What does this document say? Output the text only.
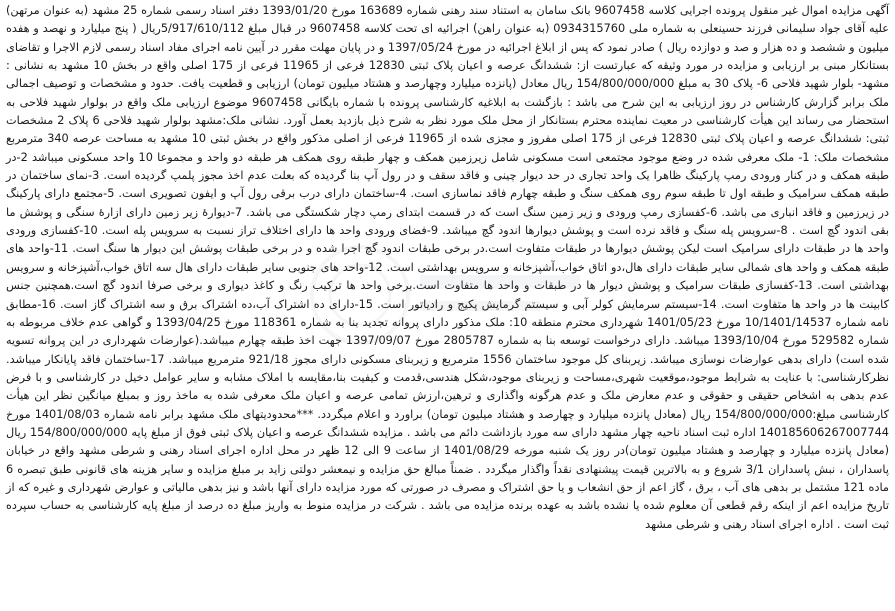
آگهی مزایده اموال غیر منقول پرونده اجرایی کلاسه 9607458 بانک سامان به استناد سند رهنی شماره 163689 مورخ 1393/01/20 دفتر اسناد رسمی شماره 25 مشهد (به عنوان مرتهن) علیه آقای جواد سلیمانی فرزند حسینعلی به شماره ملی 0934315760 (به عنوان راهن) اجرائیه ای تحت کلاسه 9607458 در قبال مبلغ 5/917/610/112ریال ( پنج میلیارد و نهصد و هفده میلیون و ششصد و ده هزار و صد و دوازده ریال ) صادر نمود که پس از ابلاغ اجرائیه در مورخ 1397/05/24 و در پایان مهلت مقرر در آیین نامه اجرای مفاد اسناد رسمی لازم الاجرا و تقاضای بستانکار مبنی بر ارزیابی و مزایده در مورد وثیقه که عبارتست از: ششدانگ عرصه و اعیان پلاک ثبتی 12830 فرعی از 11965 فرعی از 175 اصلی واقع در بخش 10 مشهد به نشانی : مشهد- بلوار شهید فلاحی 6- پلاک 30 به مبلغ 154/800/000/000 ریال معادل (پانزده میلیارد وچهارصد و هشتاد میلیون تومان) ارزیابی و قطعیت یافت. حدود و مشخصات و توصیف اجمالی ملک برابر گزارش کارشناس در روز ارزیابی به این شرح می باشد : بازگشت به ابلاغیه کارشناسی پرونده با شماره بایگانی 9607458 موضوع ارزیابی ملک واقع در بولوار شهید فلاحی به استحضار می رساند این هیأت کارشناسی در معیت نماینده محترم بستانکار از محل ملک مورد نظر به شرح ذیل بازدید بعمل آورد. نشانی ملک:مشهد بولوار شهید فلاحی 6 پلاک 2 مشخصات ثبتی: ششدانگ عرصه و اعیان پلاک ثبتی 12830 فرعی از 175 اصلی مفروز و مجزی شده از 11965 فرعی از اصلی مذکور واقع در بخش ثبتی 10 مشهد به مساحت عرصه 340 مترمربع مشخصات ملک: 1- ملک معرفی شده در وضع موجود مجتمعی است مسکونی شامل زیرزمین همکف و چهار طبقه روی همکف هر طبقه دو واحد و مجموعا 10 واحد مسکونی میباشد 2-در طبقه همکف و در کنار ورودی رمپ پارکینگ ظاهرا یک واحد تجاری در حد دیوار چینی و فاقد سقف و در رول آپ بنا گردیده که بعلت عدم اخذ مجوز پلمپ گردیده است. 3-نمای ساختمان در طبقه همکف سرامیک و طبقه اول تا طبقه سوم روی همکف سنگ و طبقه چهارم فاقد نماسازی است. 4-ساختمان دارای درب برقی رول آپ و ایفون تصویری است. 5-مجتمع دارای پارکینگ در زیرزمین و فاقد انباری می باشد. 6-کفسازی رمپ ورودی و زیر زمین سنگ است که در قسمت ابتدای رمپ دچار شکستگی می باشد. 7-دیوارۀ زیر زمین دارای ازارۀ سنگی و پوشش ما بقی اندود گچ است . 8-سرویس پله سنگ و فاقد نرده است و پوشش دیوارها اندود گچ میباشد. 9-فضای ورودی واحد ها دارای اختلاف تراز نسبت به سرویس پله است. 10-کفسازی ورودی واحد ها در طبقات دارای سرامیک است لیکن پوشش دیوارها در طبقات متفاوت است.در برخی طبقات اندود گچ اجرا شده و در برخی طبقات پوشش این دیوار ها سنگ است. 11-واحد های طبقه همکف و واحد های شمالی سایر طبقات دارای هال،دو اتاق خواب،آشپزخانه و سرویس بهداشتی است. 12-واحد های جنوبی سایر طبقات دارای هال سه اتاق خواب،آشپزخانه و سرویس بهداشتی است. 13-کفسازی طبقات سرامیک و پوشش دیوار ها در طبقات و واحد ها متفاوت است.برخی واحد ها ترکیب رنگ و کاغذ دیواری و برخی صرفا اندود گچ است.همچنین جنس کابینت ها در واحد ها متفاوت است. 14-سیستم سرمایش کولر آبی و سیستم گرمایش پکیج و رادیاتور است. 15-دارای ده اشتراک آب،ده اشتراک برق و سه اشتراک گاز است. 16-مطابق نامه شماره 10/1401/14537 مورخ 1401/05/23 شهرداری محترم منطقه 10: ملک مذکور دارای پروانه تجدید بنا به شماره 118361 مورخ 1393/04/25 و گواهی عدم خلاف مربوطه به شماره 529582 مورخ 1393/10/04 میباشد. دارای درخواست توسعه بنا به شماره 2805787 مورخ 1397/09/07 جهت اخذ طبقه چهارم میباشد.(عوارضات شهرداری در این پروانه تسویه شده است) دارای بدهی عوارضات نوسازی میباشد. زیربنای کل موجود ساختمان 1556 مترمربع و زیربنای مسکونی دارای مجوز 921/18 مترمربع میباشد. 17-ساختمان فاقد پایانکار میباشد. نظرکارشناسی: با عنایت به شرایط موجود،موقعیت شهری،مساحت و زیربنای موجود،شکل هندسی،قدمت و کیفیت بنا،مقایسه با املاک مشابه و سایر عوامل دخیل در کارشناسی و با فرض عدم بدهی به اشخاص حقیقی و حقوقی و عدم معارض ملک و عدم هرگونه واگذاری و ترهین،ارزش تمامی عرصه و اعیان ملک معرفی شده به ماخذ روز و بمبلغ میانگین نظر این هیأت کارشناسی مبلغ:154/800/000/000 ریال (معادل پانزده میلیارد و چهارصد و هشتاد میلیون تومان) براورد و اعلام میگردد. ***محدودیتهای ملک مشهد برابر نامه شماره 1401/08/03 مورخ 140185606267007744 اداره ثبت اسناد ناحیه چهار مشهد دارای سه مورد بازداشت دائم می باشد . مزایده ششدانگ عرصه و اعیان پلاک ثبتی فوق از مبلغ پایه 154/800/000/000 ریال (معادل پانزده میلیارد و چهارصد و هشتاد میلیون تومان)در روز یک شنبه مورخه 1401/08/29 از ساعت 9 الی 12 ظهر در محل اداره اجرای اسناد رهنی و شرطی مشهد واقع در خیابان پاسداران ، نبش پاسداران 3/1 شروع و به بالاترین قیمت پیشنهادی نقداً واگذار میگردد . ضمناً مبالغ حق مزایده و نیمعشر دولتی زاید بر مبلغ مزایده و سایر هزینه های قانونی طبق تبصره 6 ماده 121 مشتمل بر بدهی های آب ، برق ، گاز اعم از حق انشعاب و یا حق اشتراک و مصرف در صورتی که مورد مزایده دارای آنها باشد و نیز بدهی مالیاتی و عوارض شهرداری و غیره که از تاریخ مزایده اعم از اینکه رقم قطعی آن معلوم شده یا نشده باشد به عهده برنده مزایده می باشد . شرکت در مزایده منوط به واریز مبلغ ده درصد از مبلغ پایه کارشناسی به حساب سپرده ثبت است . اداره اجرای اسناد رهنی و شرطی مشهد
